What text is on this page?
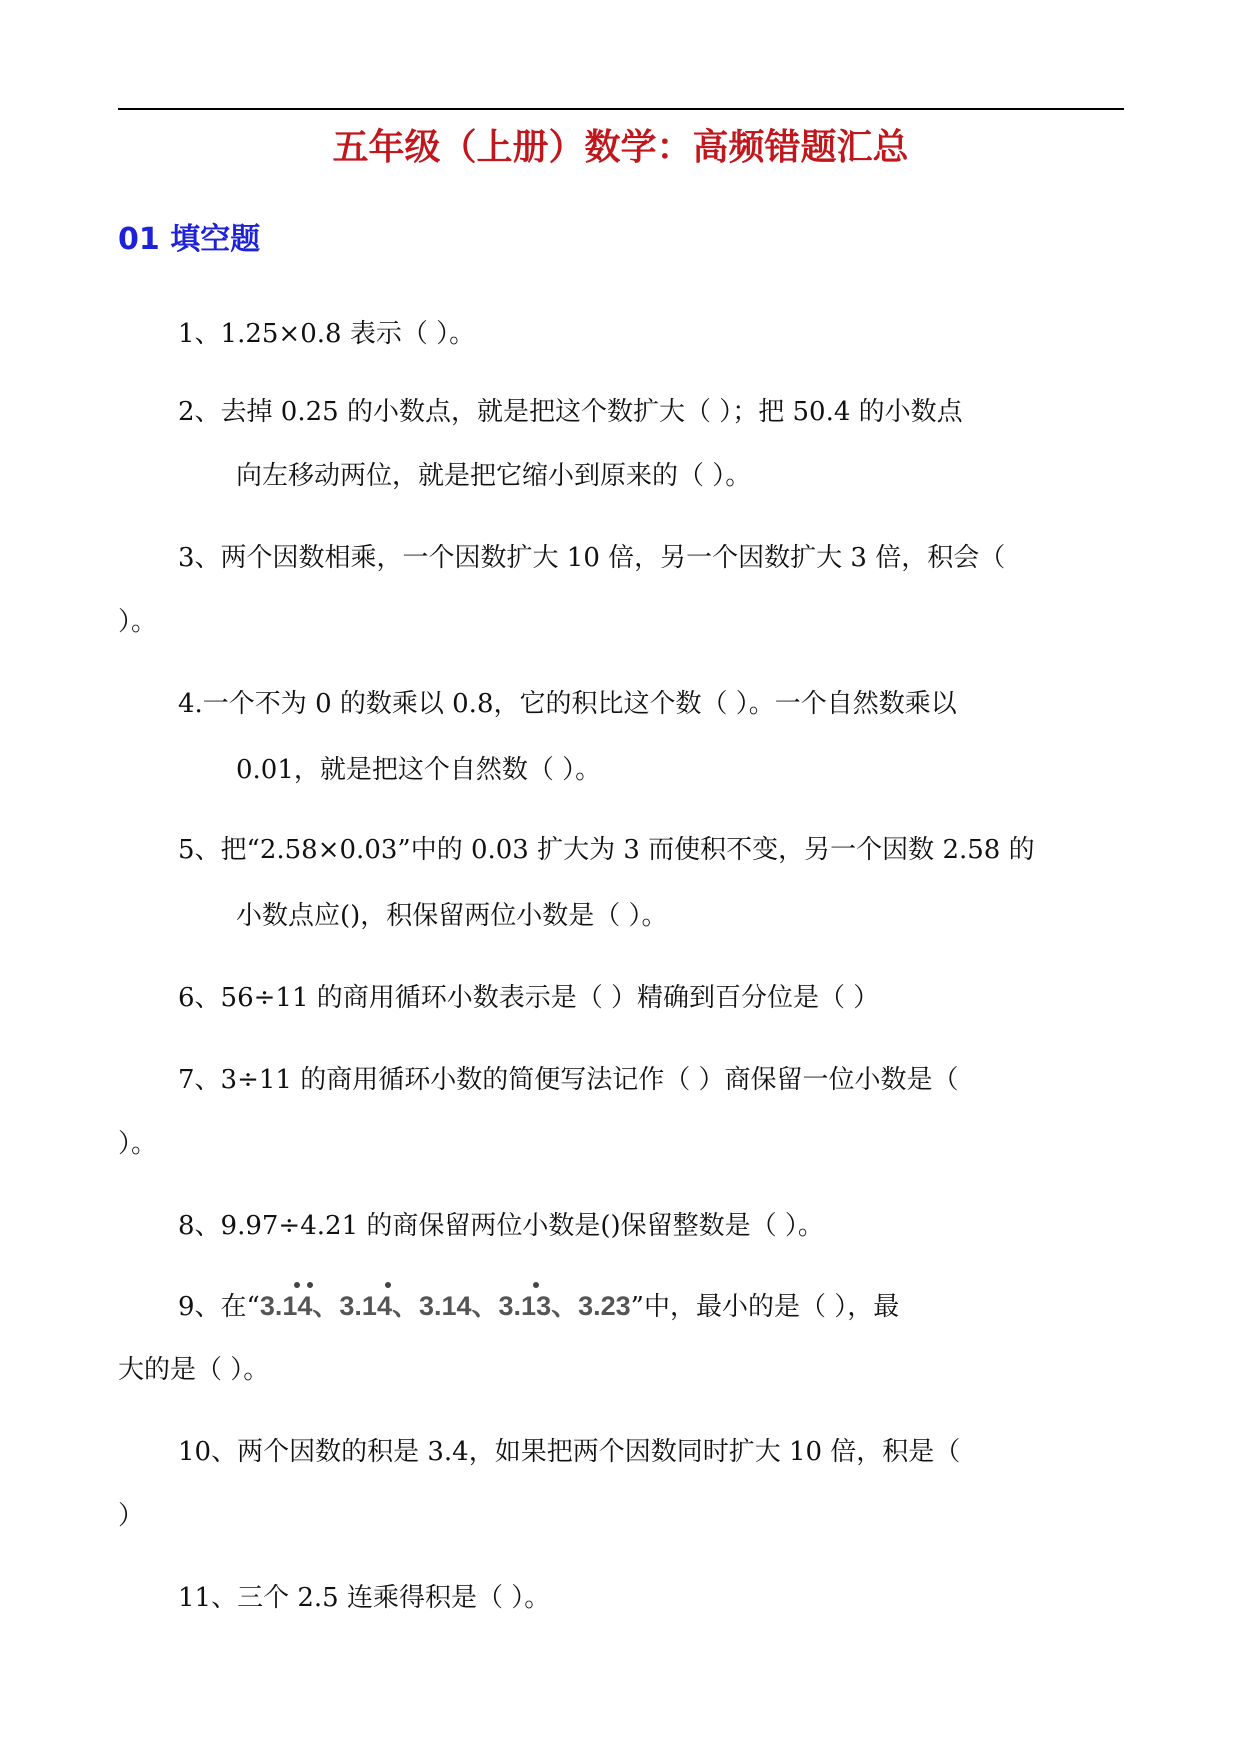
五年级（上册）数学：高频错题汇总
01 填空题
1、1.25×0.8 表示（ ）。
2、去掉 0.25 的小数点，就是把这个数扩大（ ）；把 50.4 的小数点
向左移动两位，就是把它缩小到原来的（ ）。
3、两个因数相乘，一个因数扩大 10 倍，另一个因数扩大 3 倍，积会（
）。
4.一个不为 0 的数乘以 0.8，它的积比这个数（ ）。一个自然数乘以
0.01，就是把这个自然数（ ）。
5、把“2.58×0.03”中的 0.03 扩大为 3 而使积不变，另一个因数 2.58 的
小数点应()，积保留两位小数是（ ）。
6、56÷11 的商用循环小数表示是（ ）精确到百分位是（ ）
7、3÷11 的商用循环小数的简便写法记作（ ）商保留一位小数是（
）。
8、9.97÷4.21 的商保留两位小数是()保留整数是（ ）。
9、在“3.14
、3.14
、3.14、3.13
、3.23”中，最小的是（ ），最
大的是（ ）。
10、两个因数的积是 3.4，如果把两个因数同时扩大 10 倍，积是（
）
11、三个 2.5 连乘得积是（ ）。
